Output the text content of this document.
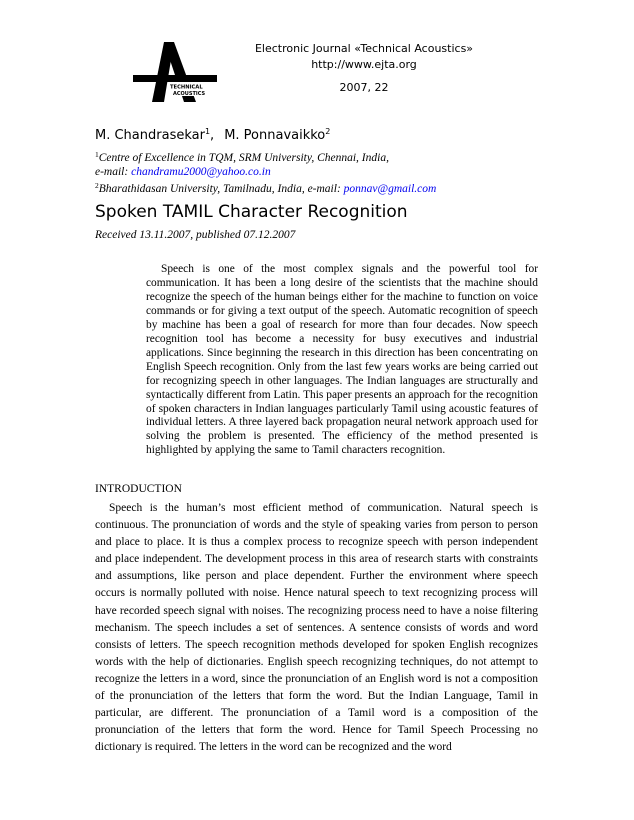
TECHNICAL
ACOUSTICS
Electronic Journal «Technical Acoustics»
http://www.ejta.org
2007, 22
M. Chandrasekar$^1$, M. Ponnavaikko$^2$
$^1$Centre of Excellence in TQM, SRM University, Chennai, India,
e-mail: chandramu2000@yahoo.co.in
$^2$Bharathidasan University, Tamilnadu, India, e-mail: ponnav@gmail.com
Spoken TAMIL Character Recognition
Received 13.11.2007, published 07.12.2007

Speech is one of the most complex signals and the powerful tool for communication. It has been a long desire of the scientists that the machine should recognize the speech of the human beings either for the machine to function on voice commands or for giving a text output of the speech. Automatic recognition of speech by machine has been a goal of research for more than four decades. Now speech recognition tool has become a necessity for busy executives and industrial applications. Since beginning the research in this direction has been concentrating on English Speech recognition. Only from the last few years works are being carried out for recognizing speech in other languages. The Indian languages are structurally and syntactically different from Latin. This paper presents an approach for the recognition of spoken characters in Indian languages particularly Tamil using acoustic features of individual letters. A three layered back propagation neural network approach used for solving the problem is presented. The efficiency of the method presented is highlighted by applying the same to Tamil characters recognition.

INTRODUCTION

Speech is the human’s most efficient method of communication. Natural speech is continuous. The pronunciation of words and the style of speaking varies from person to person and place to place. It is thus a complex process to recognize speech with person independent and place independent. The development process in this area of research starts with constraints and assumptions, like person and place dependent. Further the environment where speech occurs is normally polluted with noise. Hence natural speech to text recognizing process will have recorded speech signal with noises. The recognizing process need to have a noise filtering mechanism. The speech includes a set of sentences. A sentence consists of words and word consists of letters. The speech recognition methods developed for spoken English recognizes words with the help of dictionaries. English speech recognizing techniques, do not attempt to recognize the letters in a word, since the pronunciation of an English word is not a composition of the pronunciation of the letters that form the word. But the Indian Language, Tamil in particular, are different. The pronunciation of a Tamil word is a composition of the pronunciation of the letters that form the word. Hence for Tamil Speech Processing no dictionary is required. The letters in the word can be recognized and the word
